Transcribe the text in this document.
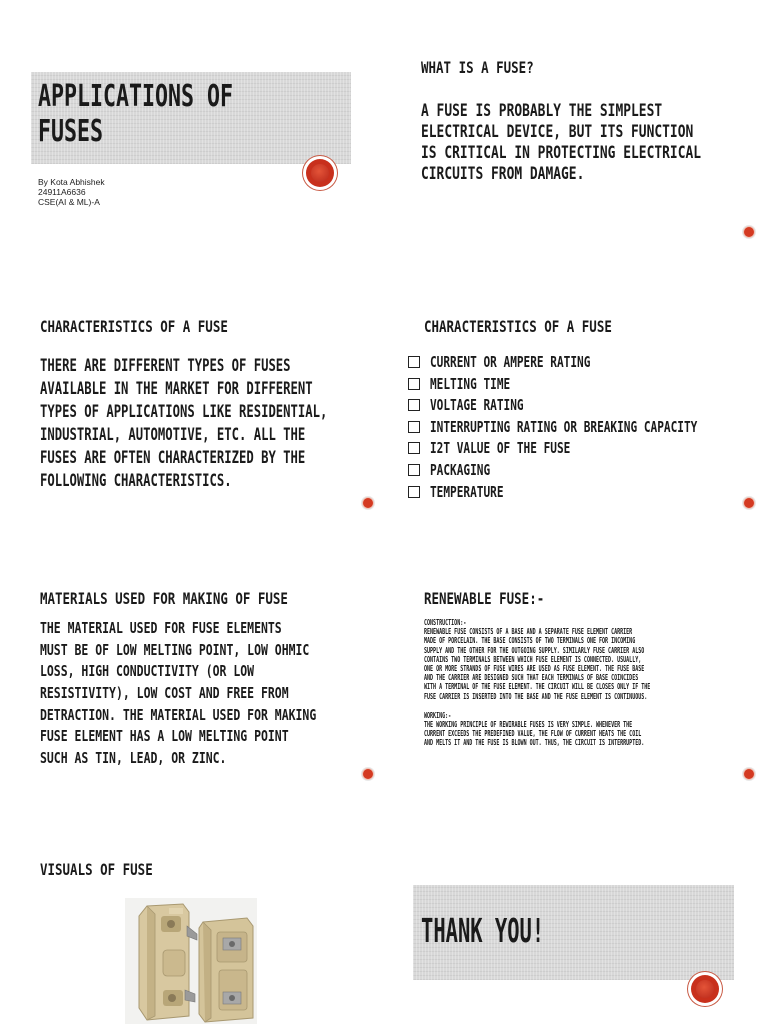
APPLICATIONS OF
FUSES
By Kota Abhishek
24911A6636
CSE(AI & ML)-A
WHAT IS A FUSE?
A FUSE IS PROBABLY THE SIMPLEST
ELECTRICAL DEVICE, BUT ITS FUNCTION
IS CRITICAL IN PROTECTING ELECTRICAL
CIRCUITS FROM DAMAGE.
CHARACTERISTICS OF A FUSE
THERE ARE DIFFERENT TYPES OF FUSES
AVAILABLE IN THE MARKET FOR DIFFERENT
TYPES OF APPLICATIONS LIKE RESIDENTIAL,
INDUSTRIAL, AUTOMOTIVE, ETC. ALL THE
FUSES ARE OFTEN CHARACTERIZED BY THE
FOLLOWING CHARACTERISTICS.
CHARACTERISTICS OF A FUSE
CURRENT OR AMPERE RATING
MELTING TIME
VOLTAGE RATING
INTERRUPTING RATING OR BREAKING CAPACITY
I2T VALUE OF THE FUSE
PACKAGING
TEMPERATURE
MATERIALS USED FOR MAKING OF FUSE
THE MATERIAL USED FOR FUSE ELEMENTS
MUST BE OF LOW MELTING POINT, LOW OHMIC
LOSS, HIGH CONDUCTIVITY (OR LOW
RESISTIVITY), LOW COST AND FREE FROM
DETRACTION. THE MATERIAL USED FOR MAKING
FUSE ELEMENT HAS A LOW MELTING POINT
SUCH AS TIN, LEAD, OR ZINC.
RENEWABLE FUSE:-
CONSTRUCTION:-
RENEWABLE FUSE CONSISTS OF A BASE AND A SEPARATE FUSE ELEMENT CARRIER
MADE OF PORCELAIN. THE BASE CONSISTS OF TWO TERMINALS ONE FOR INCOMING
SUPPLY AND THE OTHER FOR THE OUTGOING SUPPLY. SIMILARLY FUSE CARRIER ALSO
CONTAINS TWO TERMINALS BETWEEN WHICH FUSE ELEMENT IS CONNECTED. USUALLY,
ONE OR MORE STRANDS OF FUSE WIRES ARE USED AS FUSE ELEMENT. THE FUSE BASE
AND THE CARRIER ARE DESIGNED SUCH THAT EACH TERMINALS OF BASE COINCIDES
WITH A TERMINAL OF THE FUSE ELEMENT. THE CIRCUIT WILL BE CLOSES ONLY IF THE
FUSE CARRIER IS INSERTED INTO THE BASE AND THE FUSE ELEMENT IS CONTINUOUS.
WORKING:-
THE WORKING PRINCIPLE OF REWIRABLE FUSES IS VERY SIMPLE. WHENEVER THE
CURRENT EXCEEDS THE PREDEFINED VALUE, THE FLOW OF CURRENT HEATS THE COIL
AND MELTS IT AND THE FUSE IS BLOWN OUT. THUS, THE CIRCUIT IS INTERRUPTED.
VISUALS OF FUSE
THANK YOU!
